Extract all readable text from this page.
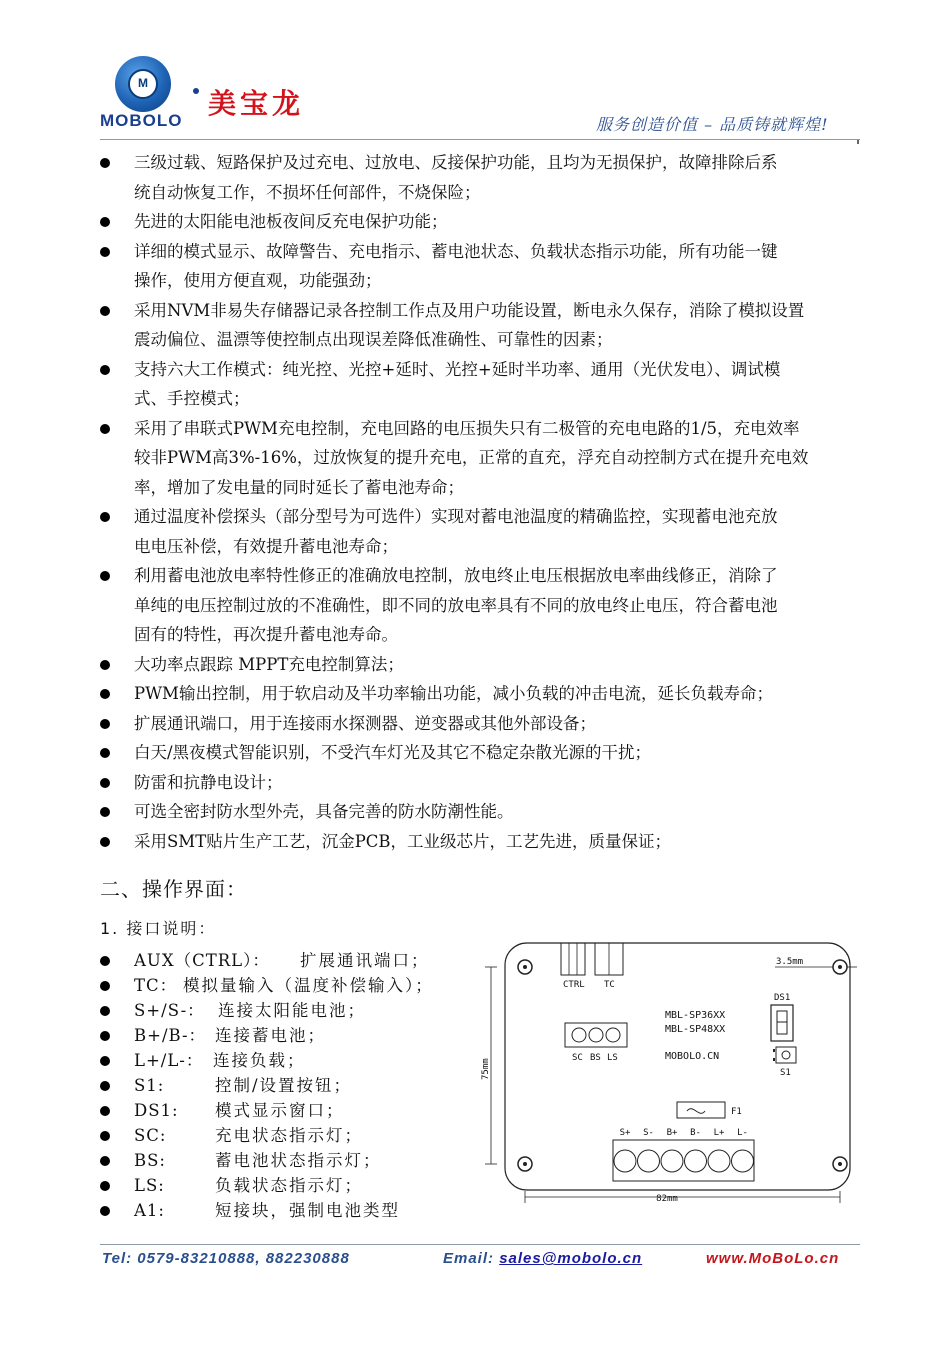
M
MOBOLO
美宝龙
服务创造价值 – 品质铸就辉煌!
三级过载、短路保护及过充电、过放电、反接保护功能，且均为无损保护，故障排除后系
统自动恢复工作，不损坏任何部件，不烧保险；
先进的太阳能电池板夜间反充电保护功能；
详细的模式显示、故障警告、充电指示、蓄电池状态、负载状态指示功能，所有功能一键
操作，使用方便直观，功能强劲；
采用NVM非易失存储器记录各控制工作点及用户功能设置，断电永久保存，消除了模拟设置
震动偏位、温漂等使控制点出现误差降低准确性、可靠性的因素；
支持六大工作模式：纯光控、光控+延时、光控+延时半功率、通用（光伏发电）、调试模
式、手控模式；
采用了串联式PWM充电控制，充电回路的电压损失只有二极管的充电电路的1/5，充电效率
较非PWM高3%-16%，过放恢复的提升充电，正常的直充，浮充自动控制方式在提升充电效
率，增加了发电量的同时延长了蓄电池寿命；
通过温度补偿探头（部分型号为可选件）实现对蓄电池温度的精确监控，实现蓄电池充放
电电压补偿，有效提升蓄电池寿命；
利用蓄电池放电率特性修正的准确放电控制，放电终止电压根据放电率曲线修正，消除了
单纯的电压控制过放的不准确性，即不同的放电率具有不同的放电终止电压，符合蓄电池
固有的特性，再次提升蓄电池寿命。
大功率点跟踪 MPPT充电控制算法；
PWM输出控制，用于软启动及半功率输出功能，减小负载的冲击电流，延长负载寿命；
扩展通讯端口，用于连接雨水探测器、逆变器或其他外部设备；
白天/黑夜模式智能识别，不受汽车灯光及其它不稳定杂散光源的干扰；
防雷和抗静电设计；
可选全密封防水型外壳，具备完善的防水防潮性能。
采用SMT贴片生产工艺，沉金PCB，工业级芯片，工艺先进，质量保证；
二、操作界面：
1. 接口说明：
AUX（CTRL）： 扩展通讯端口；
TC： 模拟量输入（温度补偿输入）；
S+/S-： 连接太阳能电池；
B+/B-： 连接蓄电池；
L+/L-： 连接负载；
S1:	控制/设置按钮；
DS1: 模式显示窗口；
SC:	充电状态指示灯；
BS:	蓄电池状态指示灯；
LS:	负载状态指示灯；
A1:	短接块，强制电池类型
3.5mm
CTRL TC
MBL-SP36XX
MBL-SP48XX
MOBOLO.CN
DS1
S1
SC BS LS
75mm
F1
S+ S- B+ B- L+ L-
82mm
Tel: 0579-83210888, 882230888	Email: sales@mobolo.cn	www.MoBoLo.cn
